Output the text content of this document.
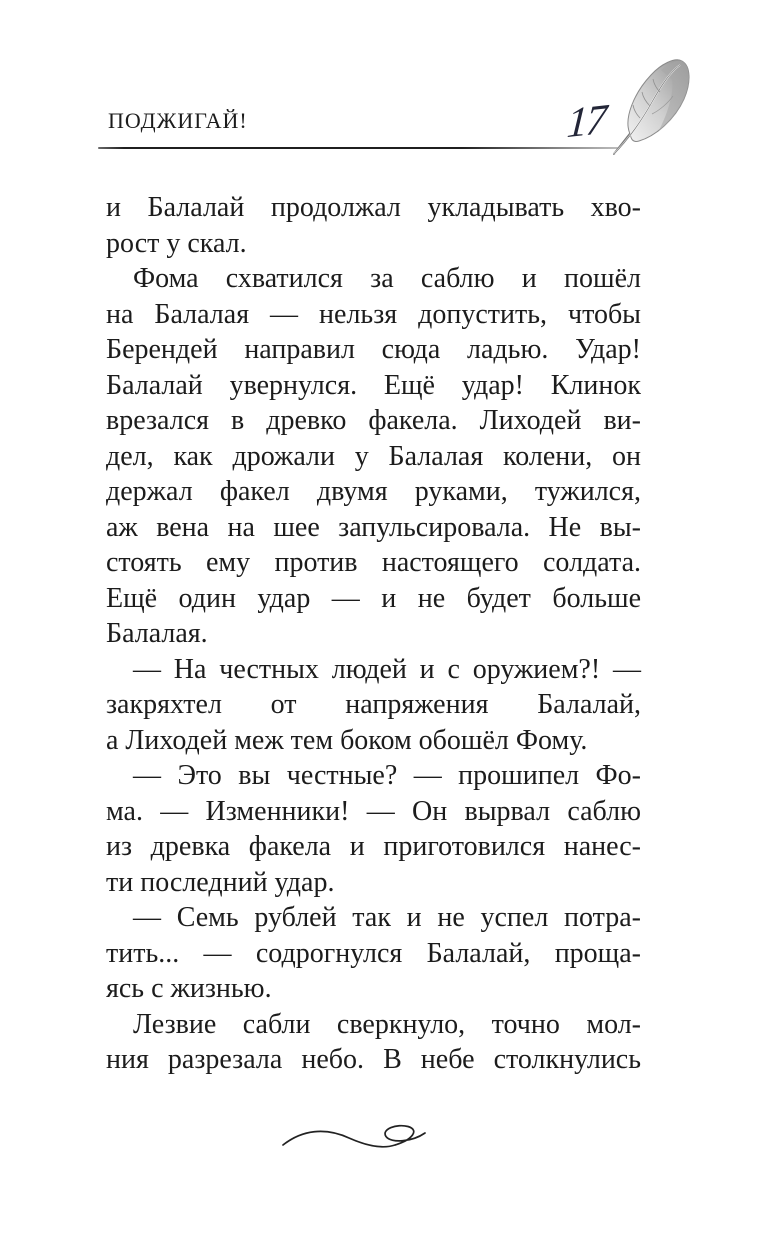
ПОДЖИГАЙ!	17
и Балалай продолжал укладывать хво-
рост у скал.
Фома схватился за саблю и пошёл
на Балалая — нельзя допустить, чтобы
Берендей направил сюда ладью. Удар!
Балалай увернулся. Ещё удар! Клинок
врезался в древко факела. Лиходей ви-
дел, как дрожали у Балалая колени, он
держал факел двумя руками, тужился,
аж вена на шее запульсировала. Не вы-
стоять ему против настоящего солдата.
Ещё один удар — и не будет больше
Балалая.
— На честных людей и с оружием?! —
закряхтел от напряжения Балалай,
а Лиходей меж тем боком обошёл Фому.
— Это вы честные? — прошипел Фо-
ма. — Изменники! — Он вырвал саблю
из древка факела и приготовился нанес-
ти последний удар.
— Семь рублей так и не успел потра-
тить... — содрогнулся Балалай, проща-
ясь с жизнью.
Лезвие сабли сверкнуло, точно мол-
ния разрезала небо. В небе столкнулись
